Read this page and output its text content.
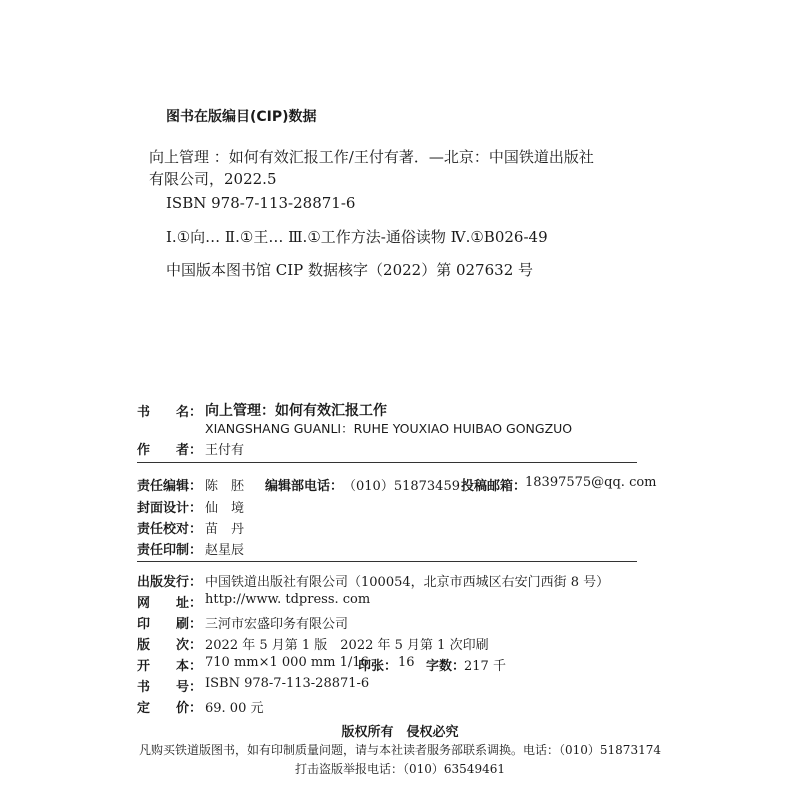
图书在版编目(CIP)数据
向上管理 ：如何有效汇报工作/王付有著．—北京：中国铁道出版社
有限公司，2022.5
ISBN 978-7-113-28871-6
Ⅰ.①向… Ⅱ.①王… Ⅲ.①工作方法-通俗读物 Ⅳ.①B026-49
中国版本图书馆 CIP 数据核字（2022）第 027632 号
书　　名： 向上管理：如何有效汇报工作
XIANGSHANG GUANLI：RUHE YOUXIAO HUIBAO GONGZUO
作　　者： 王付有
责任编辑： 陈　胚 编辑部电话： （010）51873459 投稿邮箱：
18397575@qq. com
封面设计： 仙　境
责任校对： 苗　丹
责任印制： 赵星辰
出版发行： 中国铁道出版社有限公司（100054，北京市西城区右安门西街 8 号）
网　　址： http://www. tdpress. com
印　　刷： 三河市宏盛印务有限公司
版　　次： 2022 年 5 月第 1 版　2022 年 5 月第 1 次印刷
开　　本： 710 mm×1 000 mm 1/16
印张： 16 字数：
217 千
书　　号： ISBN 978-7-113-28871-6
定　　价： 69. 00 元
版权所有　侵权必究
凡购买铁道版图书，如有印制质量问题，请与本社读者服务部联系调换。电话：（010）51873174
打击盗版举报电话：（010）63549461
